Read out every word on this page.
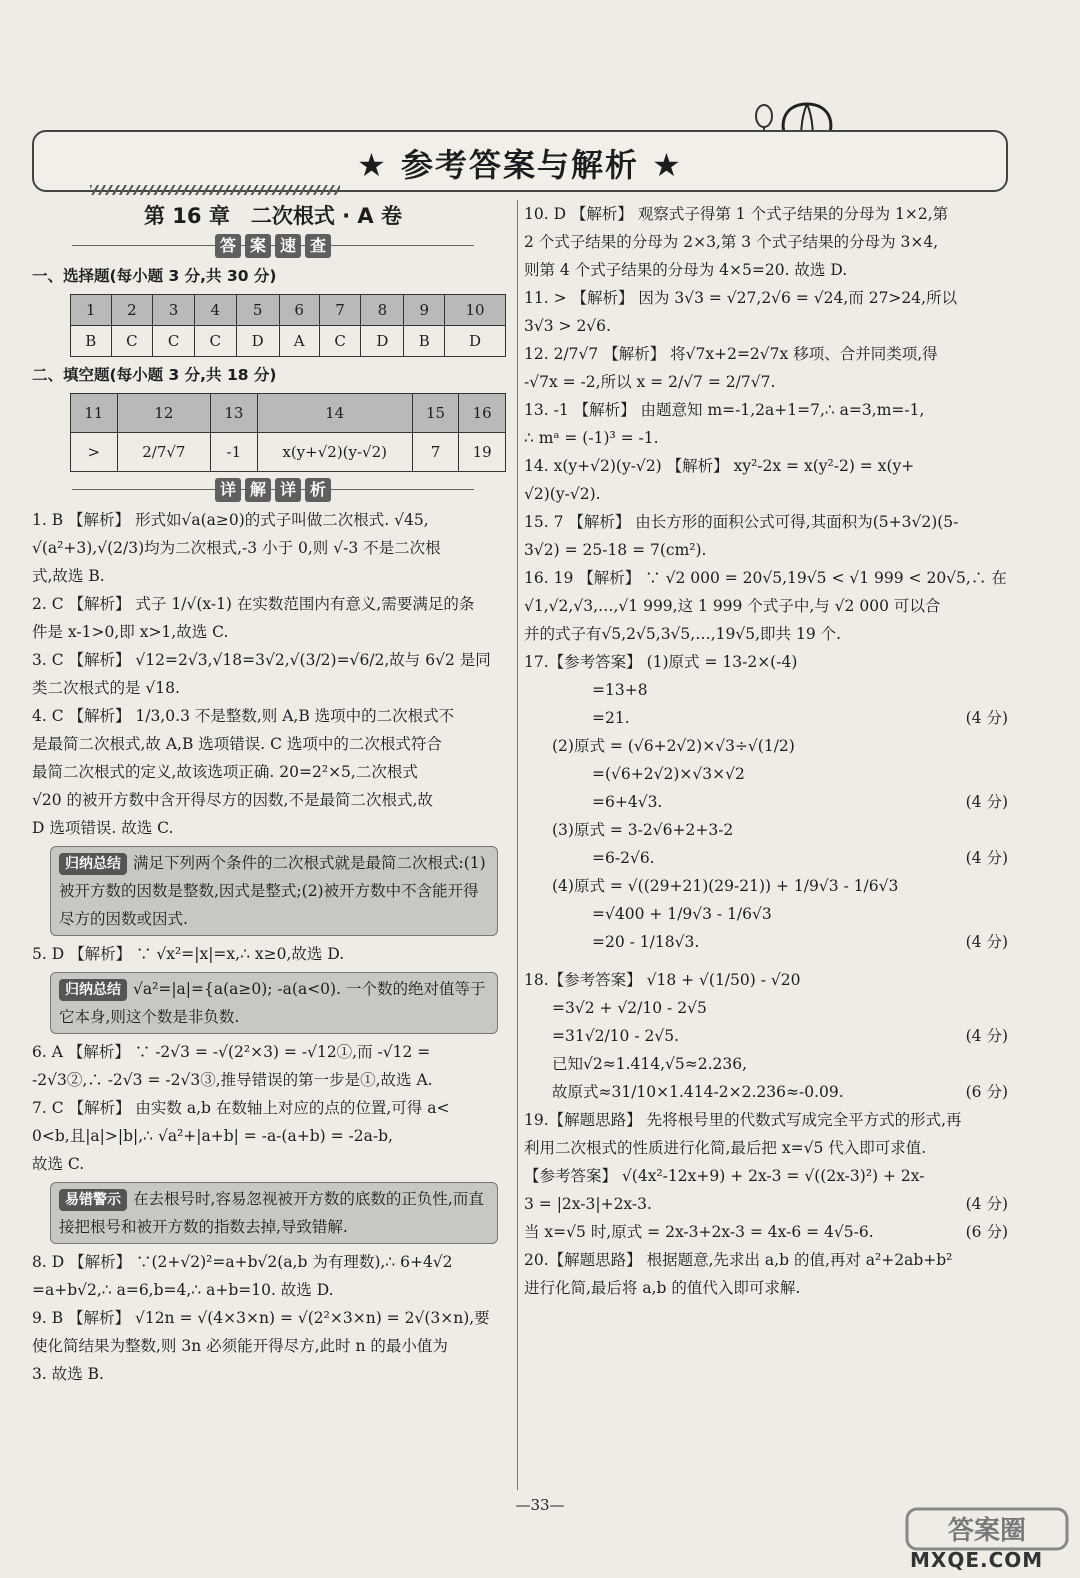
★ 参考答案与解析 ★
第 16 章　二次根式 · A 卷
答 案 速 查
一、选择题(每小题 3 分,共 30 分)
1	2	3	4	5	6	7	8	9	10
B	C	C	C	D	A	C	D	B	D
二、填空题(每小题 3 分,共 18 分)
11	12	13	14	15	16
>	2/7√7	-1	x(y+√2)(y-√2)	7	19
详 解 详 析
1. B 【解析】 形式如√a(a≥0)的式子叫做二次根式. √45,
√(a²+3),√(2/3)均为二次根式,-3 小于 0,则 √-3 不是二次根
式,故选 B.
2. C 【解析】 式子 1/√(x-1) 在实数范围内有意义,需要满足的条
件是 x-1>0,即 x>1,故选 C.
3. C 【解析】 √12=2√3,√18=3√2,√(3/2)=√6/2,故与 6√2 是同
类二次根式的是 √18.
4. C 【解析】 1/3,0.3 不是整数,则 A,B 选项中的二次根式不
是最简二次根式,故 A,B 选项错误. C 选项中的二次根式符合
最简二次根式的定义,故该选项正确. 20=2²×5,二次根式
√20 的被开方数中含开得尽方的因数,不是最简二次根式,故
D 选项错误. 故选 C.
归纳总结 满足下列两个条件的二次根式就是最简二次根式:(1)被开方数的因数是整数,因式是整式;(2)被开方数中不含能开得尽方的因数或因式.
5. D 【解析】 ∵ √x²=|x|=x,∴ x≥0,故选 D.
归纳总结 √a²=|a|={a(a≥0); -a(a<0). 一个数的绝对值等于它本身,则这个数是非负数.
6. A 【解析】 ∵ -2√3 = -√(2²×3) = -√12①,而 -√12 =
-2√3②,∴ -2√3 = -2√3③,推导错误的第一步是①,故选 A.
7. C 【解析】 由实数 a,b 在数轴上对应的点的位置,可得 a<
0<b,且|a|>|b|,∴ √a²+|a+b| = -a-(a+b) = -2a-b,
故选 C.
易错警示 在去根号时,容易忽视被开方数的底数的正负性,而直接把根号和被开方数的指数去掉,导致错解.
8. D 【解析】 ∵(2+√2)²=a+b√2(a,b 为有理数),∴ 6+4√2
=a+b√2,∴ a=6,b=4,∴ a+b=10. 故选 D.
9. B 【解析】 √12n = √(4×3×n) = √(2²×3×n) = 2√(3×n),要
使化简结果为整数,则 3n 必须能开得尽方,此时 n 的最小值为
3. 故选 B.
10. D 【解析】 观察式子得第 1 个式子结果的分母为 1×2,第
2 个式子结果的分母为 2×3,第 3 个式子结果的分母为 3×4,
则第 4 个式子结果的分母为 4×5=20. 故选 D.
11. > 【解析】 因为 3√3 = √27,2√6 = √24,而 27>24,所以
3√3 > 2√6.
12. 2/7√7 【解析】 将√7x+2=2√7x 移项、合并同类项,得
-√7x = -2,所以 x = 2/√7 = 2/7√7.
13. -1 【解析】 由题意知 m=-1,2a+1=7,∴ a=3,m=-1,
∴ mᵃ = (-1)³ = -1.
14. x(y+√2)(y-√2) 【解析】 xy²-2x = x(y²-2) = x(y+
√2)(y-√2).
15. 7 【解析】 由长方形的面积公式可得,其面积为(5+3√2)(5-
3√2) = 25-18 = 7(cm²).
16. 19 【解析】 ∵ √2 000 = 20√5,19√5 < √1 999 < 20√5,∴ 在
√1,√2,√3,…,√1 999,这 1 999 个式子中,与 √2 000 可以合
并的式子有√5,2√5,3√5,…,19√5,即共 19 个.
17.【参考答案】 (1)原式 = 13-2×(-4)
=13+8
=21.	(4 分)
(2)原式 = (√6+2√2)×√3÷√(1/2)
=(√6+2√2)×√3×√2
=6+4√3.	(4 分)
(3)原式 = 3-2√6+2+3-2
=6-2√6.	(4 分)
(4)原式 = √((29+21)(29-21)) + 1/9√3 - 1/6√3
=√400 + 1/9√3 - 1/6√3
=20 - 1/18√3.	(4 分)
18.【参考答案】 √18 + √(1/50) - √20
=3√2 + √2/10 - 2√5
=31√2/10 - 2√5.	(4 分)
已知√2≈1.414,√5≈2.236,
故原式≈31/10×1.414-2×2.236≈-0.09.	(6 分)
19.【解题思路】 先将根号里的代数式写成完全平方式的形式,再
利用二次根式的性质进行化简,最后把 x=√5 代入即可求值.
【参考答案】 √(4x²-12x+9) + 2x-3 = √((2x-3)²) + 2x-
3 = |2x-3|+2x-3.	(4 分)
当 x=√5 时,原式 = 2x-3+2x-3 = 4x-6 = 4√5-6.	(6 分)
20.【解题思路】 根据题意,先求出 a,b 的值,再对 a²+2ab+b²
进行化简,最后将 a,b 的值代入即可求解.
—33—
答案圈
MXQE.COM
